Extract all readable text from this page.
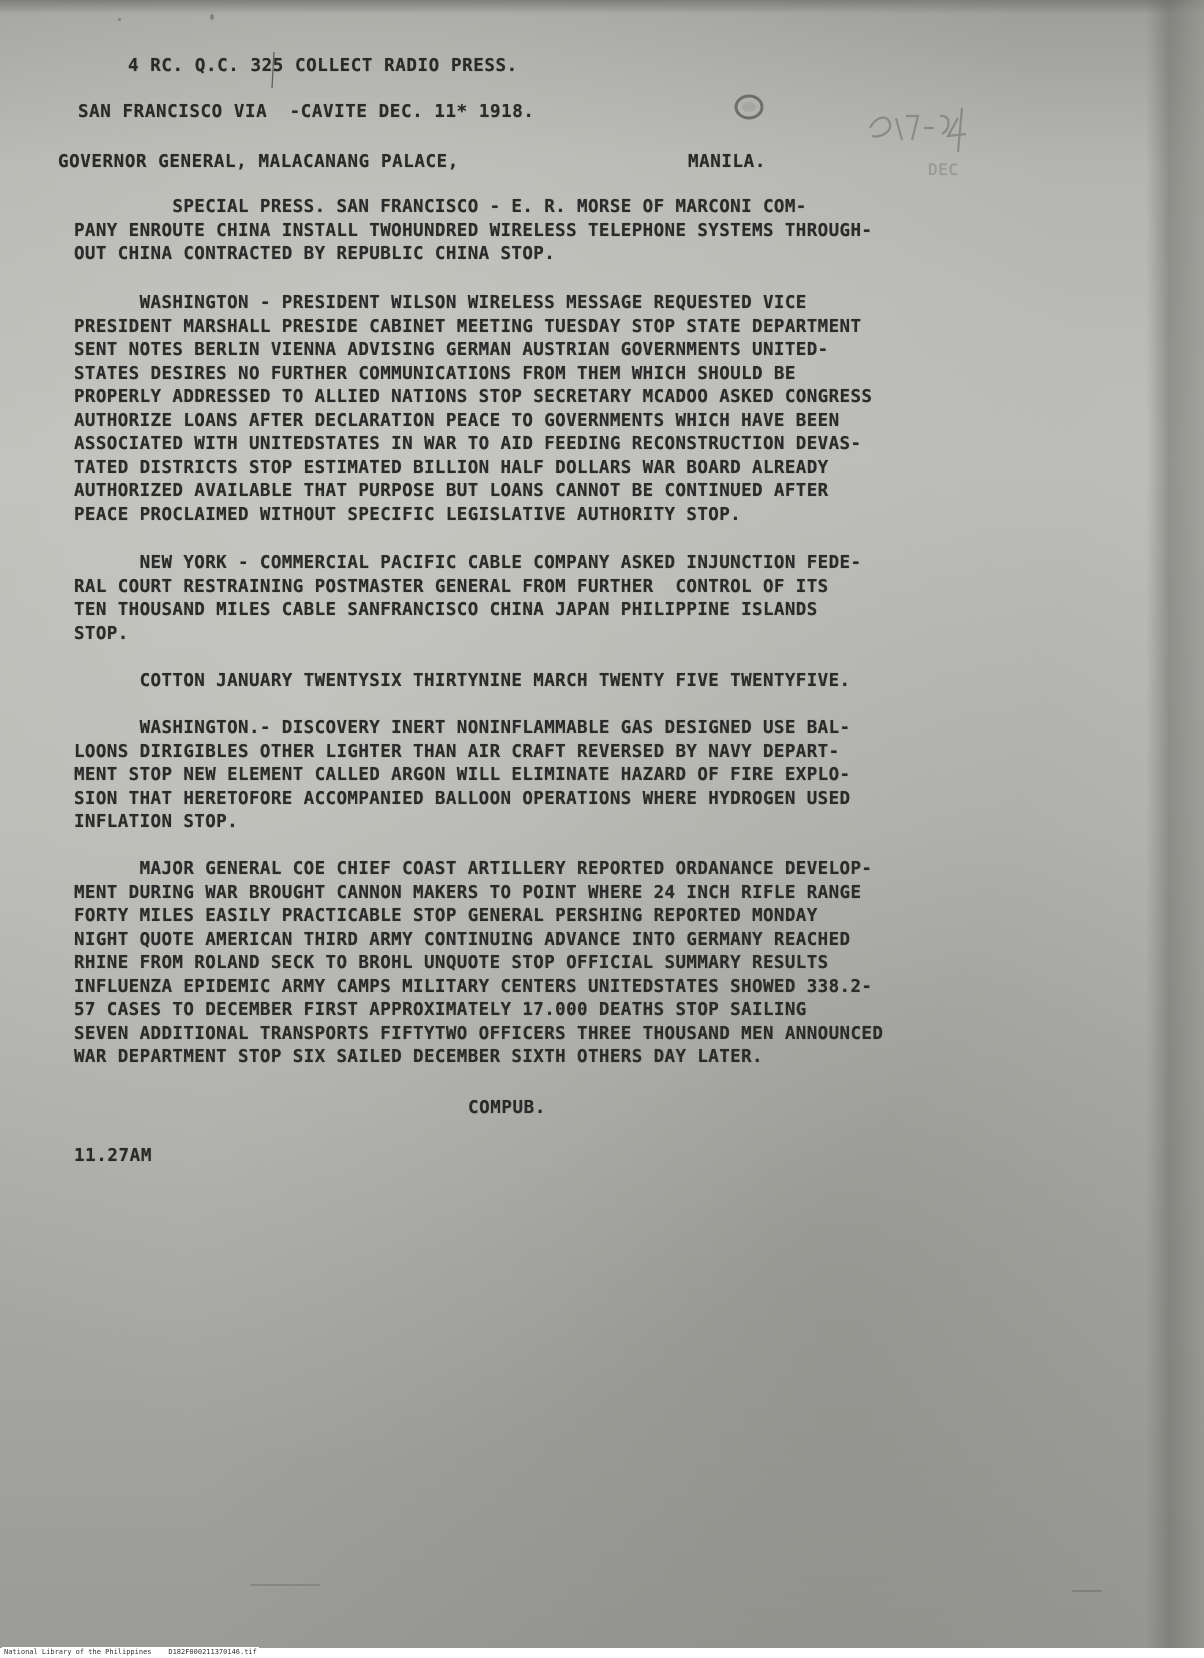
4 RC. Q.C. 325 COLLECT RADIO PRESS.
SAN FRANCISCO VIA  -CAVITE DEC. 11* 1918.
DEC
GOVERNOR GENERAL, MALACANANG PALACE,	MANILA.
SPECIAL PRESS. SAN FRANCISCO - E. R. MORSE OF MARCONI COM-
PANY ENROUTE CHINA INSTALL TWOHUNDRED WIRELESS TELEPHONE SYSTEMS THROUGH-
OUT CHINA CONTRACTED BY REPUBLIC CHINA STOP.
WASHINGTON - PRESIDENT WILSON WIRELESS MESSAGE REQUESTED VICE
PRESIDENT MARSHALL PRESIDE CABINET MEETING TUESDAY STOP STATE DEPARTMENT
SENT NOTES BERLIN VIENNA ADVISING GERMAN AUSTRIAN GOVERNMENTS UNITED-
STATES DESIRES NO FURTHER COMMUNICATIONS FROM THEM WHICH SHOULD BE
PROPERLY ADDRESSED TO ALLIED NATIONS STOP SECRETARY MCADOO ASKED CONGRESS
AUTHORIZE LOANS AFTER DECLARATION PEACE TO GOVERNMENTS WHICH HAVE BEEN
ASSOCIATED WITH UNITEDSTATES IN WAR TO AID FEEDING RECONSTRUCTION DEVAS-
TATED DISTRICTS STOP ESTIMATED BILLION HALF DOLLARS WAR BOARD ALREADY
AUTHORIZED AVAILABLE THAT PURPOSE BUT LOANS CANNOT BE CONTINUED AFTER
PEACE PROCLAIMED WITHOUT SPECIFIC LEGISLATIVE AUTHORITY STOP.
NEW YORK - COMMERCIAL PACIFIC CABLE COMPANY ASKED INJUNCTION FEDE-
RAL COURT RESTRAINING POSTMASTER GENERAL FROM FURTHER  CONTROL OF ITS
TEN THOUSAND MILES CABLE SANFRANCISCO CHINA JAPAN PHILIPPINE ISLANDS
STOP.
COTTON JANUARY TWENTYSIX THIRTYNINE MARCH TWENTY FIVE TWENTYFIVE.
WASHINGTON.- DISCOVERY INERT NONINFLAMMABLE GAS DESIGNED USE BAL-
LOONS DIRIGIBLES OTHER LIGHTER THAN AIR CRAFT REVERSED BY NAVY DEPART-
MENT STOP NEW ELEMENT CALLED ARGON WILL ELIMINATE HAZARD OF FIRE EXPLO-
SION THAT HERETOFORE ACCOMPANIED BALLOON OPERATIONS WHERE HYDROGEN USED
INFLATION STOP.
MAJOR GENERAL COE CHIEF COAST ARTILLERY REPORTED ORDANANCE DEVELOP-
MENT DURING WAR BROUGHT CANNON MAKERS TO POINT WHERE 24 INCH RIFLE RANGE
FORTY MILES EASILY PRACTICABLE STOP GENERAL PERSHING REPORTED MONDAY
NIGHT QUOTE AMERICAN THIRD ARMY CONTINUING ADVANCE INTO GERMANY REACHED
RHINE FROM ROLAND SECK TO BROHL UNQUOTE STOP OFFICIAL SUMMARY RESULTS
INFLUENZA EPIDEMIC ARMY CAMPS MILITARY CENTERS UNITEDSTATES SHOWED 338.2-
57 CASES TO DECEMBER FIRST APPROXIMATELY 17.000 DEATHS STOP SAILING
SEVEN ADDITIONAL TRANSPORTS FIFTYTWO OFFICERS THREE THOUSAND MEN ANNOUNCED
WAR DEPARTMENT STOP SIX SAILED DECEMBER SIXTH OTHERS DAY LATER.
COMPUB.
11.27AM
National Library of the Philippines    D182F000211370146.tif
